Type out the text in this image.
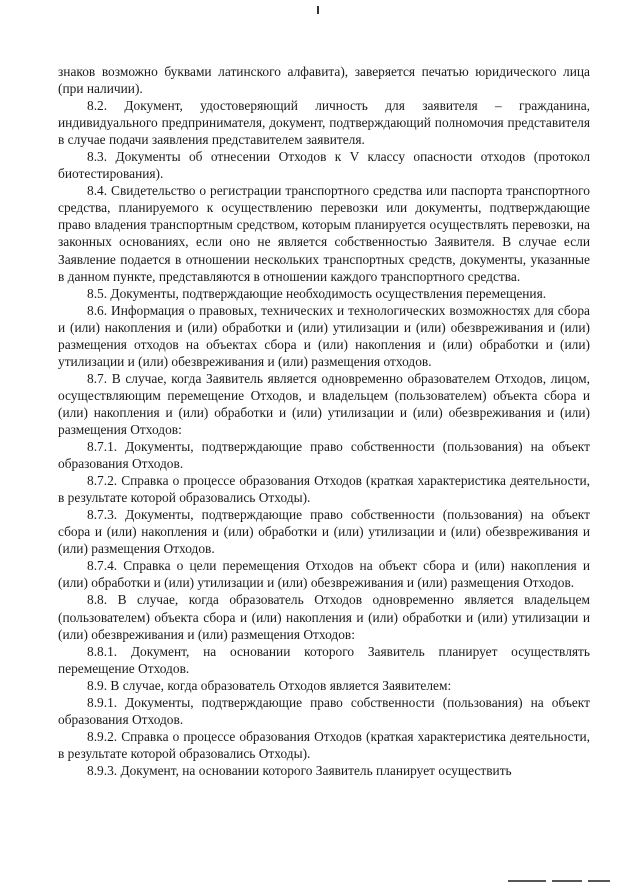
знаков возможно буквами латинского алфавита), заверяется печатью юридического лица (при наличии).

8.2. Документ, удостоверяющий личность для заявителя – гражданина, индивидуального предпринимателя, документ, подтверждающий полномочия представителя в случае подачи заявления представителем заявителя.

8.3. Документы об отнесении Отходов к V классу опасности отходов (протокол биотестирования).

8.4. Свидетельство о регистрации транспортного средства или паспорта транспортного средства, планируемого к осуществлению перевозки или документы, подтверждающие право владения транспортным средством, которым планируется осуществлять перевозки, на законных основаниях, если оно не является собственностью Заявителя. В случае если Заявление подается в отношении нескольких транспортных средств, документы, указанные в данном пункте, представляются в отношении каждого транспортного средства.

8.5. Документы, подтверждающие необходимость осуществления перемещения.

8.6. Информация о правовых, технических и технологических возможностях для сбора и (или) накопления и (или) обработки и (или) утилизации и (или) обезвреживания и (или) размещения отходов на объектах сбора и (или) накопления и (или) обработки и (или) утилизации и (или) обезвреживания и (или) размещения отходов.

8.7. В случае, когда Заявитель является одновременно образователем Отходов, лицом, осуществляющим перемещение Отходов, и владельцем (пользователем) объекта сбора и (или) накопления и (или) обработки и (или) утилизации и (или) обезвреживания и (или) размещения Отходов:

8.7.1. Документы, подтверждающие право собственности (пользования) на объект образования Отходов.

8.7.2. Справка о процессе образования Отходов (краткая характеристика деятельности, в результате которой образовались Отходы).

8.7.3. Документы, подтверждающие право собственности (пользования) на объект сбора и (или) накопления и (или) обработки и (или) утилизации и (или) обезвреживания и (или) размещения Отходов.

8.7.4. Справка о цели перемещения Отходов на объект сбора и (или) накопления и (или) обработки и (или) утилизации и (или) обезвреживания и (или) размещения Отходов.

8.8. В случае, когда образователь Отходов одновременно является владельцем (пользователем) объекта сбора и (или) накопления и (или) обработки и (или) утилизации и (или) обезвреживания и (или) размещения Отходов:

8.8.1. Документ, на основании которого Заявитель планирует осуществлять перемещение Отходов.

8.9. В случае, когда образователь Отходов является Заявителем:

8.9.1. Документы, подтверждающие право собственности (пользования) на объект образования Отходов.

8.9.2. Справка о процессе образования Отходов (краткая характеристика деятельности, в результате которой образовались Отходы).

8.9.3. Документ, на основании которого Заявитель планирует осуществить
